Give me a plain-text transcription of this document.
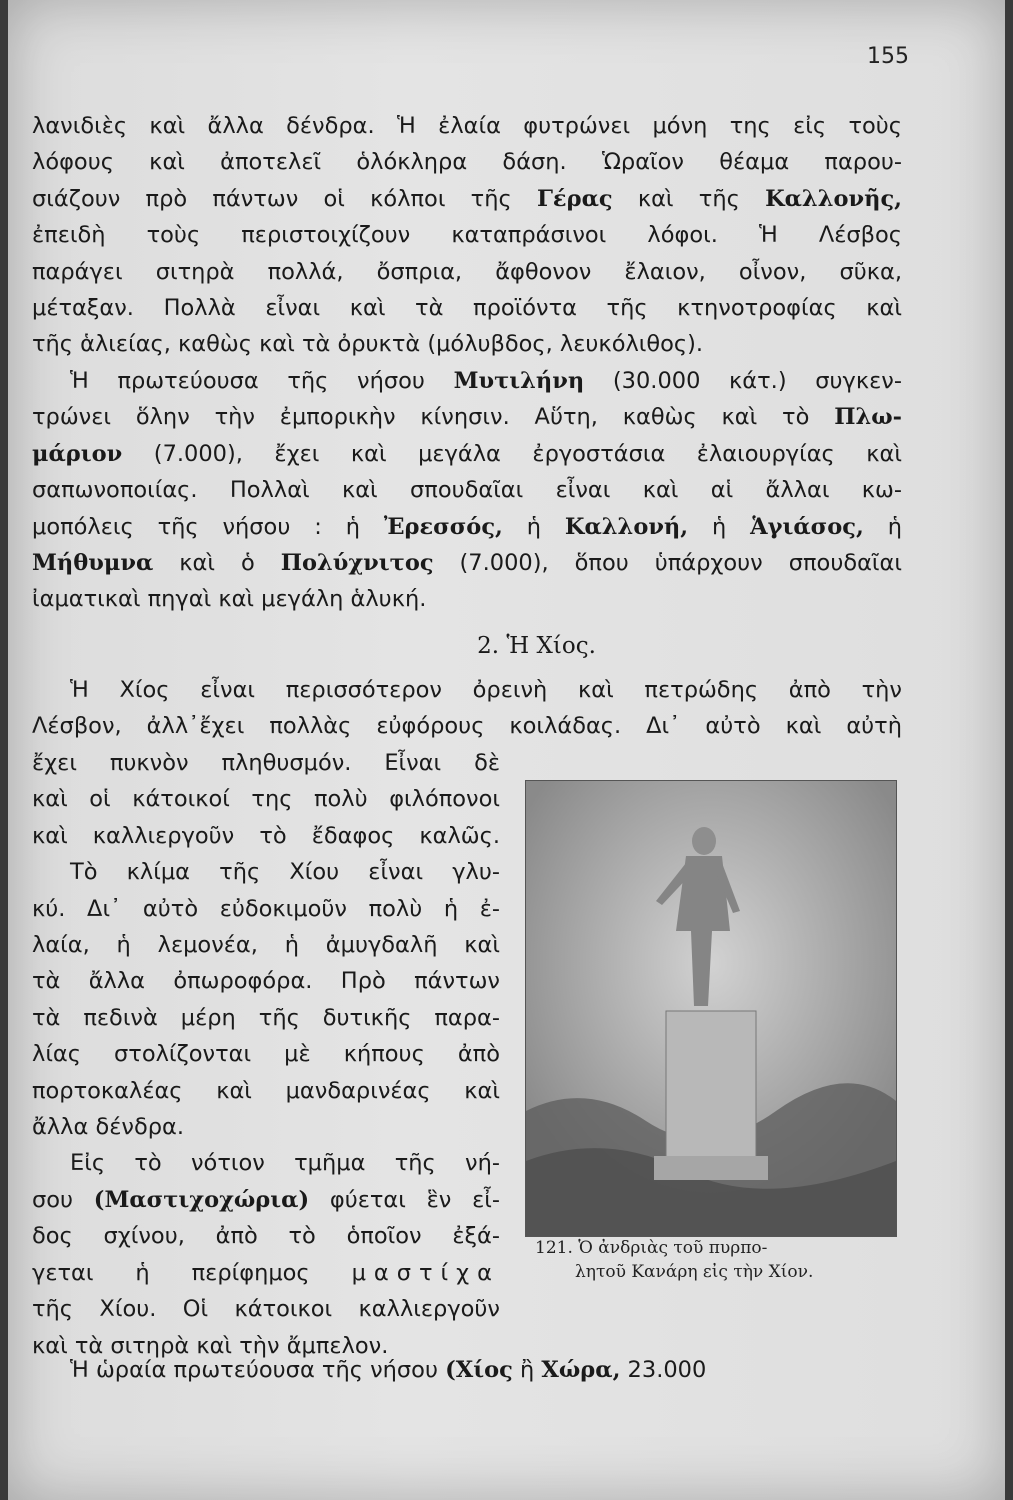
155
λανιδιὲς καὶ ἄλλα δένδρα. Ἡ ἐλαία φυτρώνει μόνη της εἰς τοὺς
λόφους καὶ ἀποτελεῖ ὁλόκληρα δάση. Ὡραῖον θέαμα παρου-
σιάζουν πρὸ πάντων οἱ κόλποι τῆς Γέρας καὶ τῆς Καλλονῆς,
ἐπειδὴ τοὺς περιστοιχίζουν καταπράσινοι λόφοι. Ἡ Λέσβος
παράγει σιτηρὰ πολλά, ὄσπρια, ἄφθονον ἔλαιον, οἶνον, σῦκα,
μέταξαν. Πολλὰ εἶναι καὶ τὰ προϊόντα τῆς κτηνοτροφίας καὶ
τῆς ἁλιείας, καθὼς καὶ τὰ ὀρυκτὰ (μόλυβδος, λευκόλιθος).
Ἡ πρωτεύουσα τῆς νήσου Μυτιλήνη (30.000 κάτ.) συγκεν-
τρώνει ὅλην τὴν ἐμπορικὴν κίνησιν. Αὕτη, καθὼς καὶ τὸ Πλω-
μάριον (7.000), ἔχει καὶ μεγάλα ἐργοστάσια ἐλαιουργίας καὶ
σαπωνοποιίας. Πολλαὶ καὶ σπουδαῖαι εἶναι καὶ αἱ ἄλλαι κω-
μοπόλεις τῆς νήσου : ἡ Ἐρεσσός, ἡ Καλλονή, ἡ Ἁγιάσος, ἡ
Μήθυμνα καὶ ὁ Πολύχνιτος (7.000), ὅπου ὑπάρχουν σπουδαῖαι
ἰαματικαὶ πηγαὶ καὶ μεγάλη ἁλυκή.
2. Ἡ Χίος.
Ἡ Χίος εἶναι περισσότερον ὀρεινὴ καὶ πετρώδης ἀπὸ τὴν
Λέσβον, ἀλλ᾽ἔχει πολλὰς εὐφόρους κοιλάδας. Δι᾽ αὐτὸ καὶ αὐτὴ
ἔχει πυκνὸν πληθυσμόν. Εἶναι δὲ
καὶ οἱ κάτοικοί της πολὺ φιλόπονοι
καὶ καλλιεργοῦν τὸ ἔδαφος καλῶς.
Τὸ κλίμα τῆς Χίου εἶναι γλυ-
κύ. Δι᾽ αὐτὸ εὐδοκιμοῦν πολὺ ἡ ἐ-
λαία, ἡ λεμονέα, ἡ ἀμυγδαλῆ καὶ
τὰ ἄλλα ὀπωροφόρα. Πρὸ πάντων
τὰ πεδινὰ μέρη τῆς δυτικῆς παρα-
λίας στολίζονται μὲ κήπους ἀπὸ
πορτοκαλέας καὶ μανδαρινέας καὶ
ἄλλα δένδρα.
Εἰς τὸ νότιον τμῆμα τῆς νή-
σου (Μαστιχοχώρια) φύεται ἓν εἶ-
δος σχίνου, ἀπὸ τὸ ὁποῖον ἐξά-
γεται ἡ περίφημος μαστίχα
τῆς Χίου. Οἱ κάτοικοι καλλιεργοῦν
καὶ τὰ σιτηρὰ καὶ τὴν ἄμπελον.
Ἡ ὡραία πρωτεύουσα τῆς νήσου (Χίος ἢ Χώρα, 23.000
121. Ὁ ἀνδριὰς τοῦ πυρπο-
λητοῦ Κανάρη εἰς τὴν Χίον.
